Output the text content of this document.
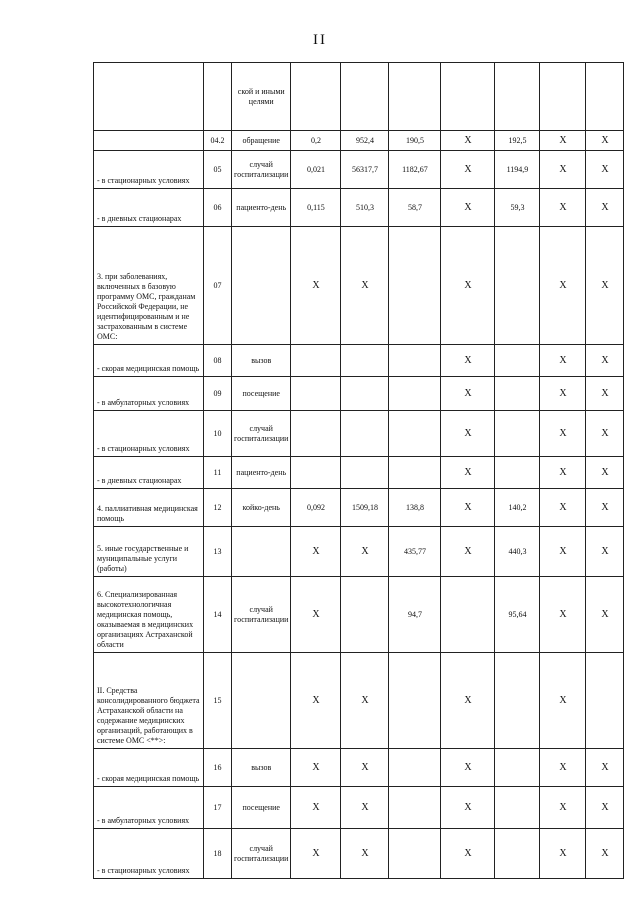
II
		ской и иными целями							
	04.2	обращение	0,2	952,4	190,5	X	192,5	X	X
- в стационарных условиях	05	случай госпитализации	0,021	56317,7	1182,67	X	1194,9	X	X
- в дневных стационарах	06	пациенто-день	0,115	510,3	58,7	X	59,3	X	X
3. при заболеваниях, включенных в базовую программу ОМС, гражданам Российской Федерации, не идентифицированным и не застрахованным в системе ОМС:	07		X	X		X		X	X
- скорая медицинская помощь	08	вызов				X		X	X
- в амбулаторных условиях	09	посещение				X		X	X
- в стационарных условиях	10	случай госпитализации				X		X	X
- в дневных стационарах	11	пациенто-день				X		X	X
4. паллиативная медицинская помощь	12	койко-день	0,092	1509,18	138,8	X	140,2	X	X
5. иные государственные и муниципальные услуги (работы)	13		X	X	435,77	X	440,3	X	X
6. Специализированная высокотехнологичная медицинская помощь, оказываемая в медицинских организациях Астраханской области	14	случай госпитализации	X		94,7		95,64	X	X
II. Средства консолидированного бюджета Астраханской области на содержание медицинских организаций, работающих в системе ОМС <**>:	15		X	X		X		X	
- скорая медицинская помощь	16	вызов	X	X		X		X	X
- в амбулаторных условиях	17	посещение	X	X		X		X	X
- в стационарных условиях	18	случай госпитализации	X	X		X		X	X
